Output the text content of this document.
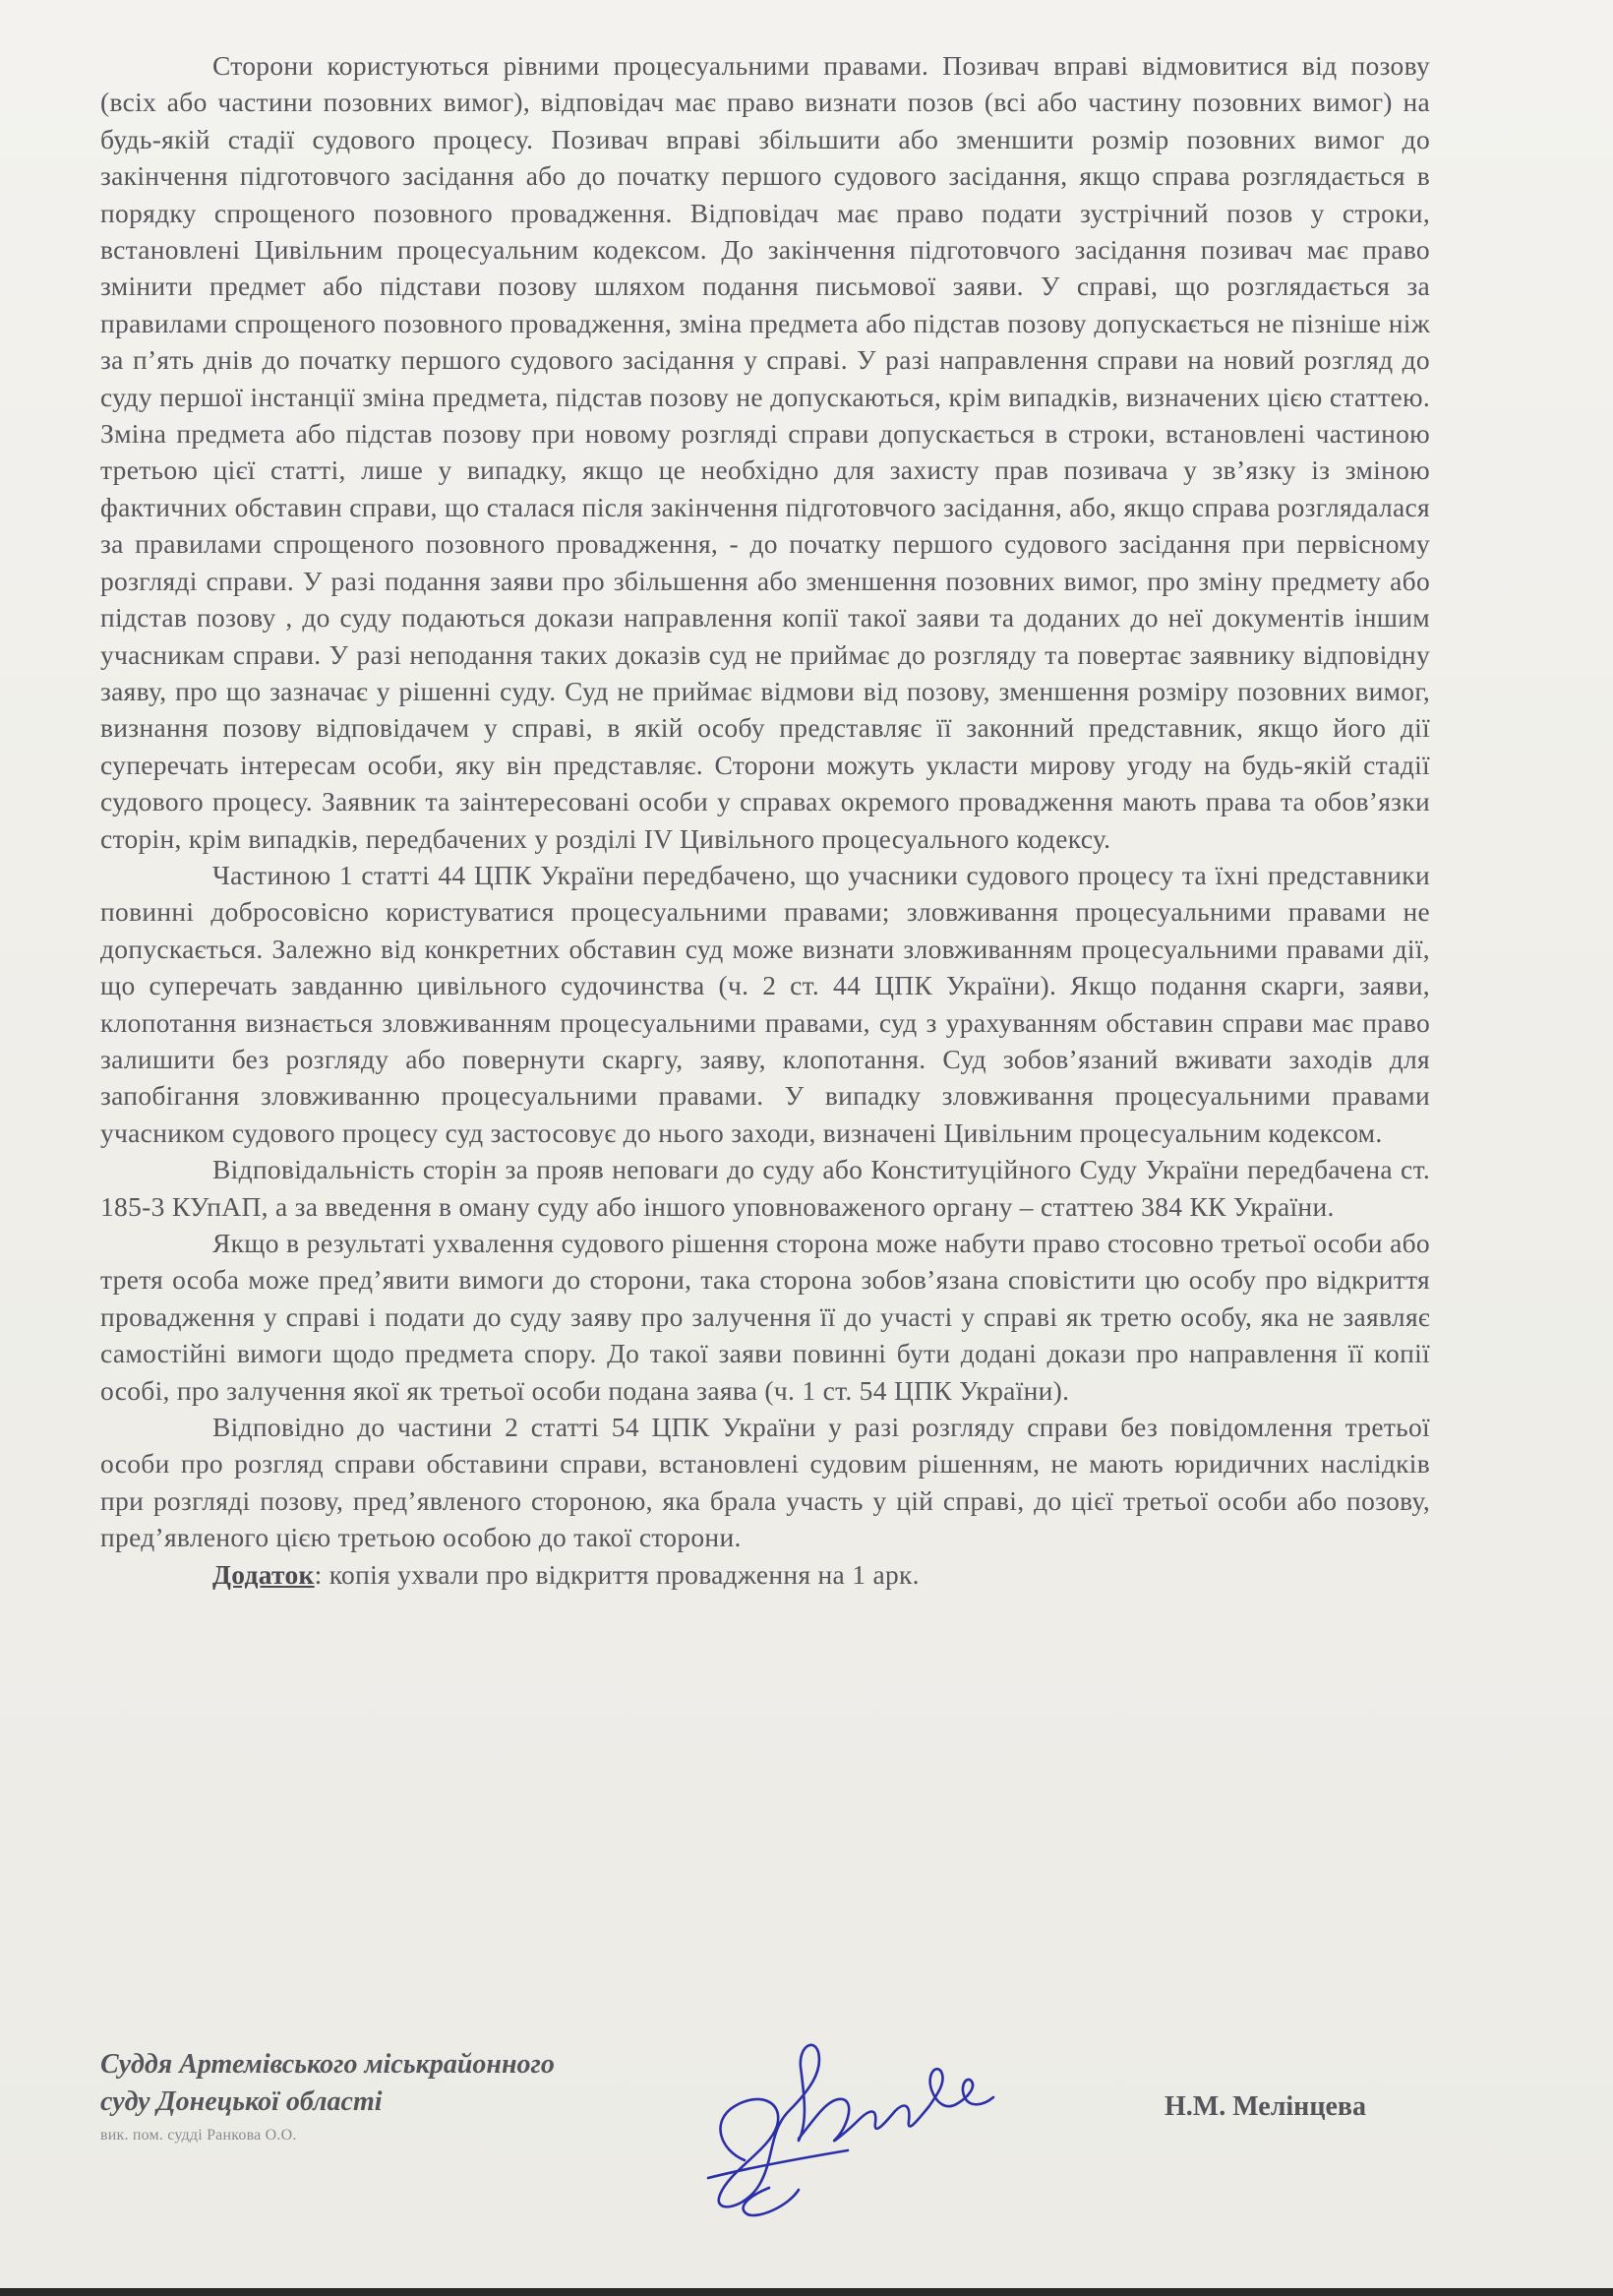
Сторони користуються рівними процесуальними правами. Позивач вправі відмовитися від позову (всіх або частини позовних вимог), відповідач має право визнати позов (всі або частину позовних вимог) на будь-якій стадії судового процесу. Позивач вправі збільшити або зменшити розмір позовних вимог до закінчення підготовчого засідання або до початку першого судового засідання, якщо справа розглядається в порядку спрощеного позовного провадження. Відповідач має право подати зустрічний позов у строки, встановлені Цивільним процесуальним кодексом. До закінчення підготовчого засідання позивач має право змінити предмет або підстави позову шляхом подання письмової заяви. У справі, що розглядається за правилами спрощеного позовного провадження, зміна предмета або підстав позову допускається не пізніше ніж за п’ять днів до початку першого судового засідання у справі. У разі направлення справи на новий розгляд до суду першої інстанції зміна предмета, підстав позову не допускаються, крім випадків, визначених цією статтею. Зміна предмета або підстав позову при новому розгляді справи допускається в строки, встановлені частиною третьою цієї статті, лише у випадку, якщо це необхідно для захисту прав позивача у зв’язку із зміною фактичних обставин справи, що сталася після закінчення підготовчого засідання, або, якщо справа розглядалася за правилами спрощеного позовного провадження, - до початку першого судового засідання при первісному розгляді справи. У разі подання заяви про збільшення або зменшення позовних вимог, про зміну предмету або підстав позову , до суду подаються докази направлення копії такої заяви та доданих до неї документів іншим учасникам справи. У разі неподання таких доказів суд не приймає до розгляду та повертає заявнику відповідну заяву, про що зазначає у рішенні суду. Суд не приймає відмови від позову, зменшення розміру позовних вимог, визнання позову відповідачем у справі, в якій особу представляє її законний представник, якщо його дії суперечать інтересам особи, яку він представляє. Сторони можуть укласти мирову угоду на будь-якій стадії судового процесу. Заявник та заінтересовані особи у справах окремого провадження мають права та обов’язки сторін, крім випадків, передбачених у розділі IV Цивільного процесуального кодексу.

Частиною 1 статті 44 ЦПК України передбачено, що учасники судового процесу та їхні представники повинні добросовісно користуватися процесуальними правами; зловживання процесуальними правами не допускається. Залежно від конкретних обставин суд може визнати зловживанням процесуальними правами дії, що суперечать завданню цивільного судочинства (ч. 2 ст. 44 ЦПК України). Якщо подання скарги, заяви, клопотання визнається зловживанням процесуальними правами, суд з урахуванням обставин справи має право залишити без розгляду або повернути скаргу, заяву, клопотання. Суд зобов’язаний вживати заходів для запобігання зловживанню процесуальними правами. У випадку зловживання процесуальними правами учасником судового процесу суд застосовує до нього заходи, визначені Цивільним процесуальним кодексом.

Відповідальність сторін за прояв неповаги до суду або Конституційного Суду України передбачена ст. 185-3 КУпАП, а за введення в оману суду або іншого уповноваженого органу – статтею 384 КК України.

Якщо в результаті ухвалення судового рішення сторона може набути право стосовно третьої особи або третя особа може пред’явити вимоги до сторони, така сторона зобов’язана сповістити цю особу про відкриття провадження у справі і подати до суду заяву про залучення її до участі у справі як третю особу, яка не заявляє самостійні вимоги щодо предмета спору. До такої заяви повинні бути додані докази про направлення її копії особі, про залучення якої як третьої особи подана заява (ч. 1 ст. 54 ЦПК України).

Відповідно до частини 2 статті 54 ЦПК України у разі розгляду справи без повідомлення третьої особи про розгляд справи обставини справи, встановлені судовим рішенням, не мають юридичних наслідків при розгляді позову, пред’явленого стороною, яка брала участь у цій справі, до цієї третьої особи або позову, пред’явленого цією третьою особою до такої сторони.

Додаток: копія ухвали про відкриття провадження на 1 арк.

Суддя Артемівського міськрайонного
суду Донецької області
вик. пом. судді Ранкова О.О.
Н.М. Мелінцева
